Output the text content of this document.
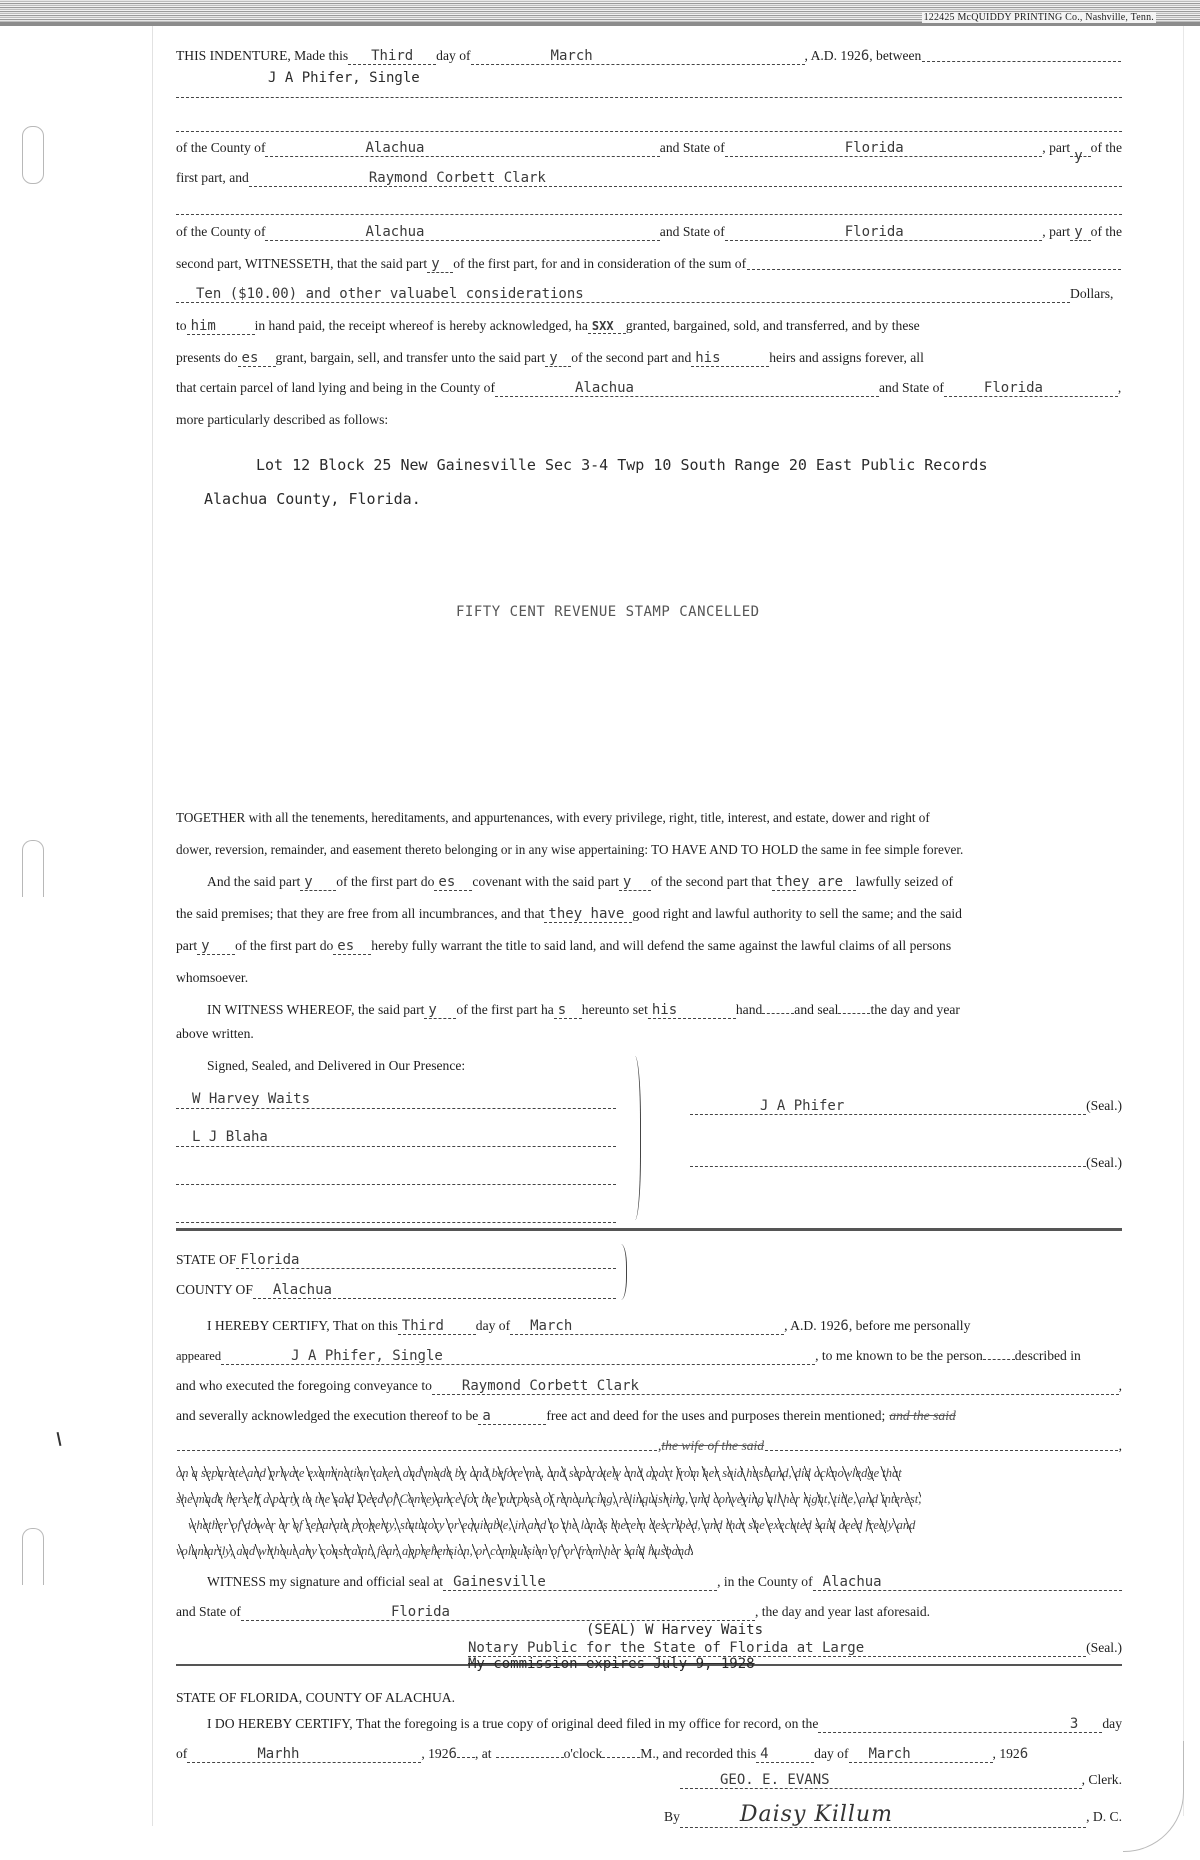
122425 McQUIDDY PRINTING Co., Nashville, Tenn.
THIS INDENTURE, Made this Third day of	March	, A.D. 192 6 , between
J A Phifer, Single
of the County of	Alachua	and State of	Florida	, part
y
of the
first part, and	Raymond Corbett Clark
of the County of	Alachua	and State of	Florida	, part y of the
second part, WITNESSETH, that the said part y of the first part, for and in consideration of the sum of
Ten ($10.00) and other valuabel considerations	Dollars,
to him	in hand paid, the receipt whereof is hereby acknowledged, ha SXX granted, bargained, sold, and transferred, and by these
presents do es grant, bargain, sell, and transfer unto the said part y of the second part and his	heirs and assigns forever, all
that certain parcel of land lying and being in the County of	Alachua	and State of	Florida	,
more particularly described as follows:
Lot 12 Block 25 New Gainesville Sec 3-4 Twp 10 South Range 20 East Public Records
Alachua County, Florida.
FIFTY CENT REVENUE STAMP CANCELLED
TOGETHER with all the tenements, hereditaments, and appurtenances, with every privilege, right, title, interest, and estate, dower and right of
dower, reversion, remainder, and easement thereto belonging or in any wise appertaining: TO HAVE AND TO HOLD the same in fee simple forever.
And the said part y of the first part do es covenant with the said part y of the second part that they are lawfully seized of
the said premises; that they are free from all incumbrances, and that they have good right and lawful authority to sell the same; and the said
part y of the first part do es hereby fully warrant the title to said land, and will defend the same against the lawful claims of all persons
whomsoever.
IN WITNESS WHEREOF, the said part y of the first part ha s hereunto set his	hand and seal the day and year
above written.
Signed, Sealed, and Delivered in Our Presence:
W Harvey Waits
L J Blaha
J A Phifer	(Seal.)
(Seal.)
STATE OF Florida
COUNTY OF Alachua
I HEREBY CERTIFY, That on this Third day of March	, A.D. 192 6 , before me personally
appeared	J A Phifer, Single	, to me known to be the person described in
and who executed the foregoing conveyance to Raymond Corbett Clark	,
and severally acknowledged the execution thereof to be a	free act and deed for the uses and purposes therein mentioned; and the said
, the wife of the said	,
on a separate and private examination taken and made by and before me, and separately and apart from her said husband, did acknowledge that
she made herself a party to the said Deed of Conveyance for the purpose of renouncing, relinquishing, and conveying all her right, title, and interest,
whether of dower or of separate property, statutory or equitable, in and to the lands therein described, and that she executed said deed freely and
voluntarily, and without any constraint, fear, apprehension, or compulsion of or from her said husband.
WITNESS my signature and official seal at Gainesville	, in the County of Alachua
and State of	Florida	, the day and year last aforesaid.
(SEAL) W Harvey Waits
Notary Public for the State of Florida at Large	(Seal.)
My commission expires July 9, 1928
STATE OF FLORIDA, COUNTY OF ALACHUA.
I DO HEREBY CERTIFY, That the foregoing is a true copy of original deed filed in my office for record, on the	3 day
of	Marhh	, 192 6 , at	o'clock	M., and recorded this 4	day of March	, 192 6
GEO. E. EVANS	, Clerk.
By	Daisy Killum	, D. C.
